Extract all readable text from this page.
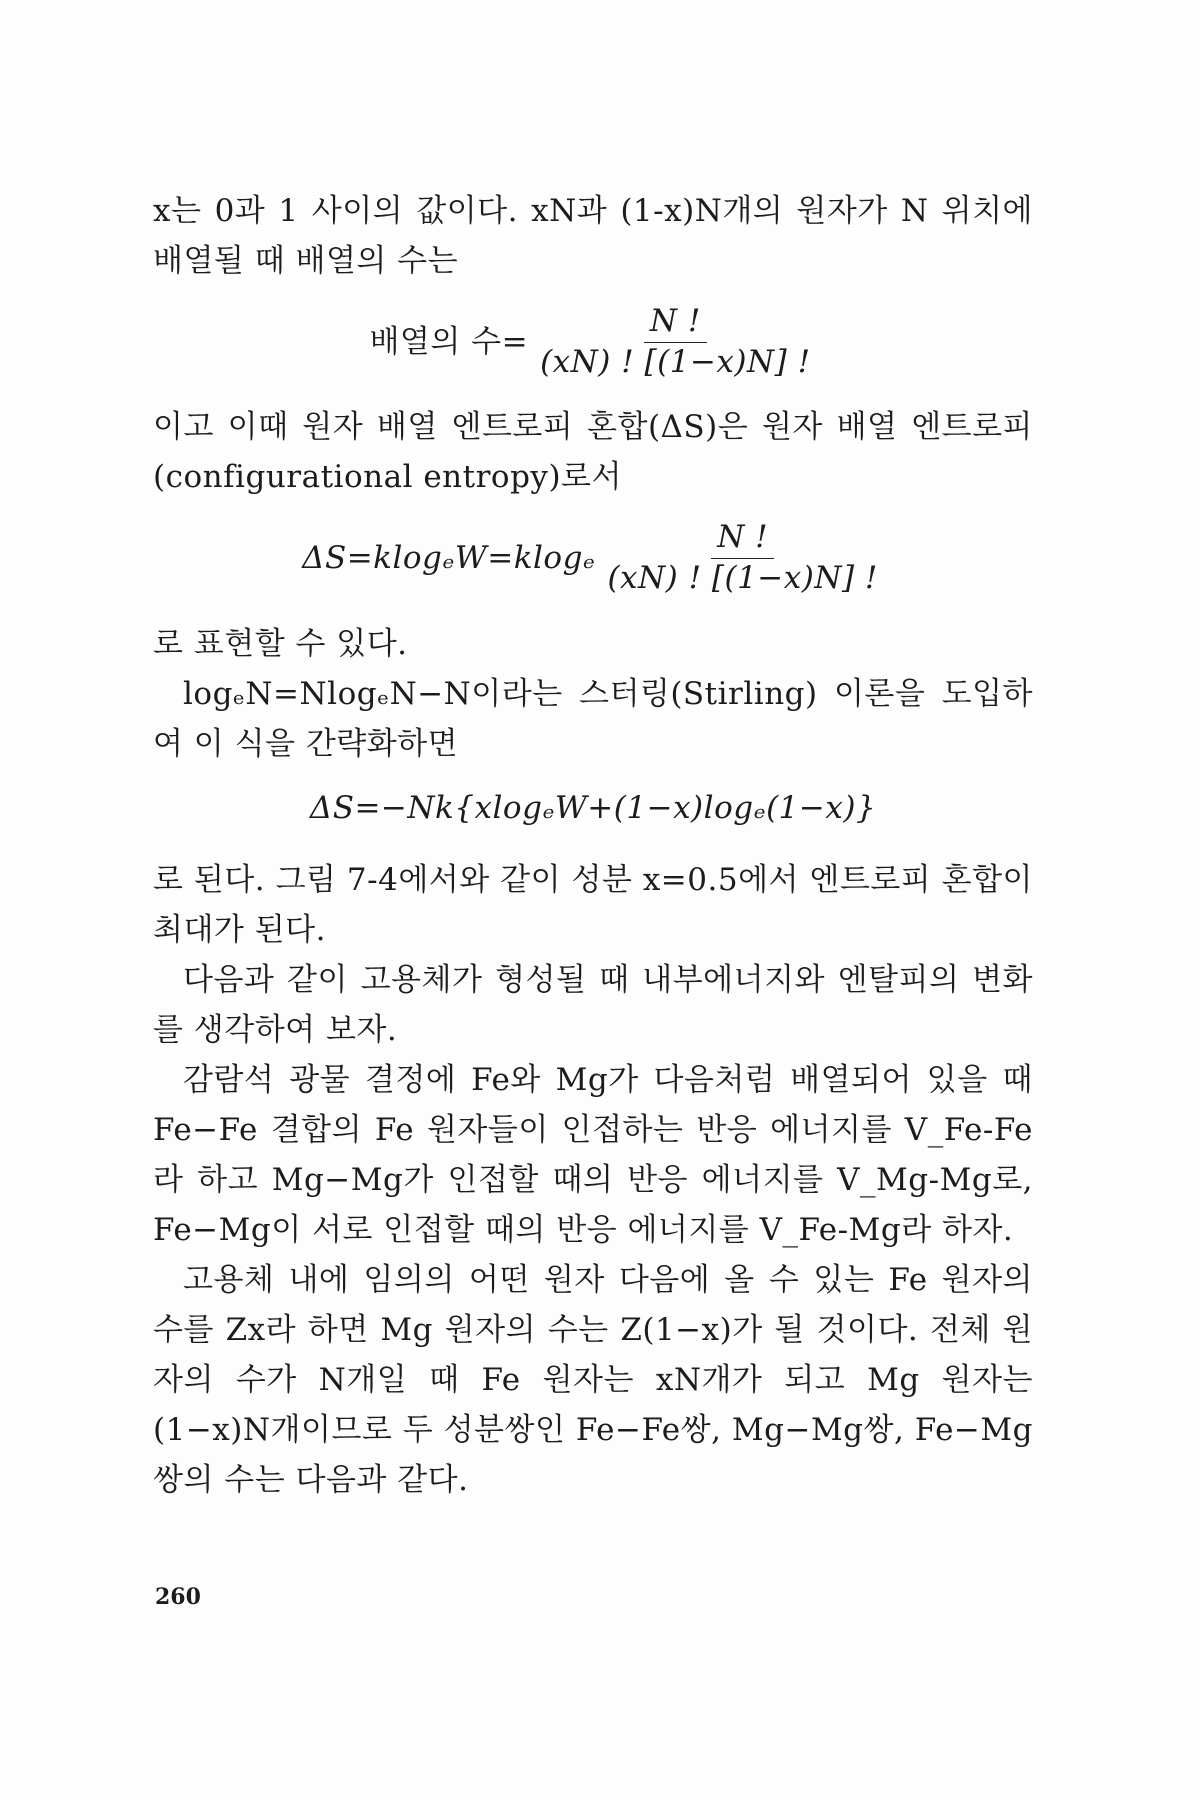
x는 0과 1 사이의 값이다. xN과 (1-x)N개의 원자가 N 위치에 배열될 때 배열의 수는

배열의 수= $\frac{N !}{(xN) ! [(1-x)N] !}$

이고 이때 원자 배열 엔트로피 혼합(ΔS)은 원자 배열 엔트로피 (configurational entropy)로서

$\Delta S=klog_eW=klog_e \frac{N !}{(xN) ! [(1-x)N] !}$

로 표현할 수 있다.

logₑN=NlogₑN−N이라는 스터링(Stirling) 이론을 도입하여 이 식을 간략화하면

ΔS=−Nk{xlogₑW+(1−x)logₑ(1−x)}

로 된다. 그림 7-4에서와 같이 성분 x=0.5에서 엔트로피 혼합이 최대가 된다.

다음과 같이 고용체가 형성될 때 내부에너지와 엔탈피의 변화를 생각하여 보자.

감람석 광물 결정에 Fe와 Mg가 다음처럼 배열되어 있을 때 Fe−Fe 결합의 Fe 원자들이 인접하는 반응 에너지를 V_Fe-Fe라 하고 Mg−Mg가 인접할 때의 반응 에너지를 V_Mg-Mg로, Fe−Mg이 서로 인접할 때의 반응 에너지를 V_Fe-Mg라 하자.

고용체 내에 임의의 어떤 원자 다음에 올 수 있는 Fe 원자의 수를 Zx라 하면 Mg 원자의 수는 Z(1−x)가 될 것이다. 전체 원자의 수가 N개일 때 Fe 원자는 xN개가 되고 Mg 원자는 (1−x)N개이므로 두 성분쌍인 Fe−Fe쌍, Mg−Mg쌍, Fe−Mg쌍의 수는 다음과 같다.

260
